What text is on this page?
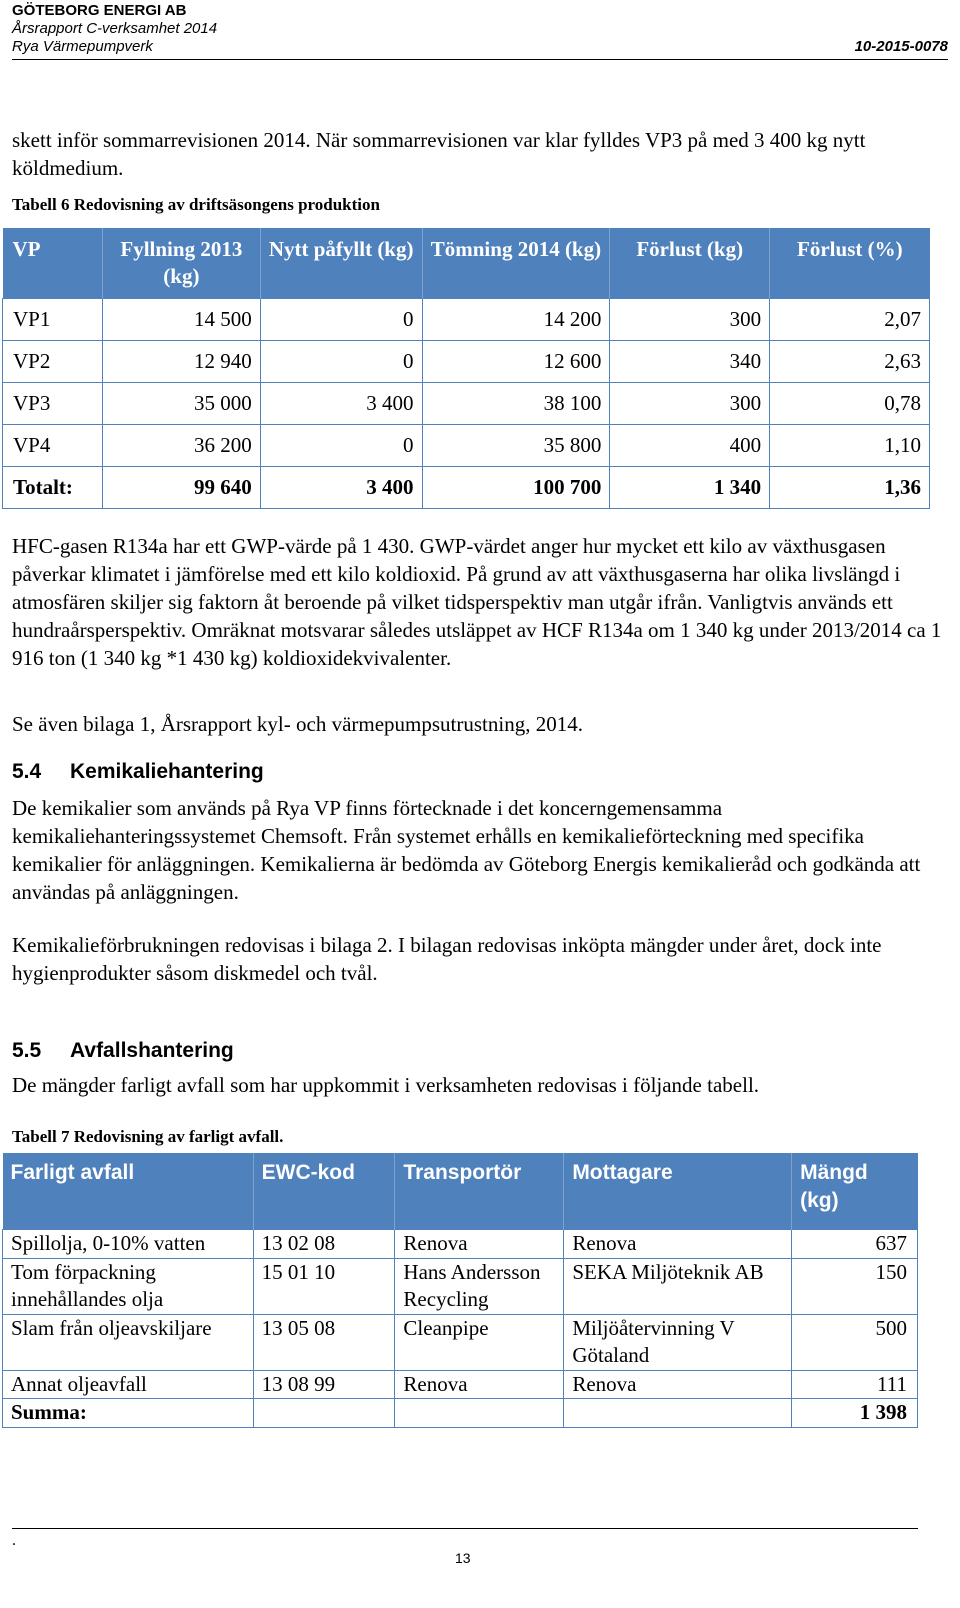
GÖTEBORG ENERGI AB
Årsrapport C-verksamhet 2014
Rya Värmepumpverk	10-2015-0078

skett inför sommarrevisionen 2014. När sommarrevisionen var klar fylldes VP3 på med 3 400 kg nytt köldmedium.

Tabell 6 Redovisning av driftsäsongens produktion
VP	Fyllning 2013 (kg)	Nytt påfyllt (kg)	Tömning 2014 (kg)	Förlust (kg)	Förlust (%)
VP1	14 500	0	14 200	300	2,07
VP2	12 940	0	12 600	340	2,63
VP3	35 000	3 400	38 100	300	0,78
VP4	36 200	0	35 800	400	1,10
Totalt:	99 640	3 400	100 700	1 340	1,36

HFC-gasen R134a har ett GWP-värde på 1 430. GWP-värdet anger hur mycket ett kilo av växthusgasen påverkar klimatet i jämförelse med ett kilo koldioxid. På grund av att växthusgaserna har olika livslängd i atmosfären skiljer sig faktorn åt beroende på vilket tidsperspektiv man utgår ifrån. Vanligtvis används ett hundraårsperspektiv. Omräknat motsvarar således utsläppet av HCF R134a om 1 340 kg under 2013/2014 ca 1 916 ton (1 340 kg *1 430 kg) koldioxidekvivalenter.

Se även bilaga 1, Årsrapport kyl- och värmepumpsutrustning, 2014.

5.4 Kemikaliehantering

De kemikalier som används på Rya VP finns förtecknade i det koncerngemensamma kemikaliehanteringssystemet Chemsoft. Från systemet erhålls en kemikalieförteckning med specifika kemikalier för anläggningen. Kemikalierna är bedömda av Göteborg Energis kemikalieråd och godkända att användas på anläggningen.

Kemikalieförbrukningen redovisas i bilaga 2. I bilagan redovisas inköpta mängder under året, dock inte hygienprodukter såsom diskmedel och tvål.

5.5 Avfallshantering

De mängder farligt avfall som har uppkommit i verksamheten redovisas i följande tabell.

Tabell 7 Redovisning av farligt avfall.
Farligt avfall	EWC-kod	Transportör	Mottagare	Mängd (kg)
Spillolja, 0-10% vatten	13 02 08	Renova	Renova	637
Tom förpackning innehållandes olja	15 01 10	Hans Andersson Recycling	SEKA Miljöteknik AB	150
Slam från oljeavskiljare	13 05 08	Cleanpipe	Miljöåtervinning V Götaland	500
Annat oljeavfall	13 08 99	Renova	Renova	111
Summa:				1 398
.
13
